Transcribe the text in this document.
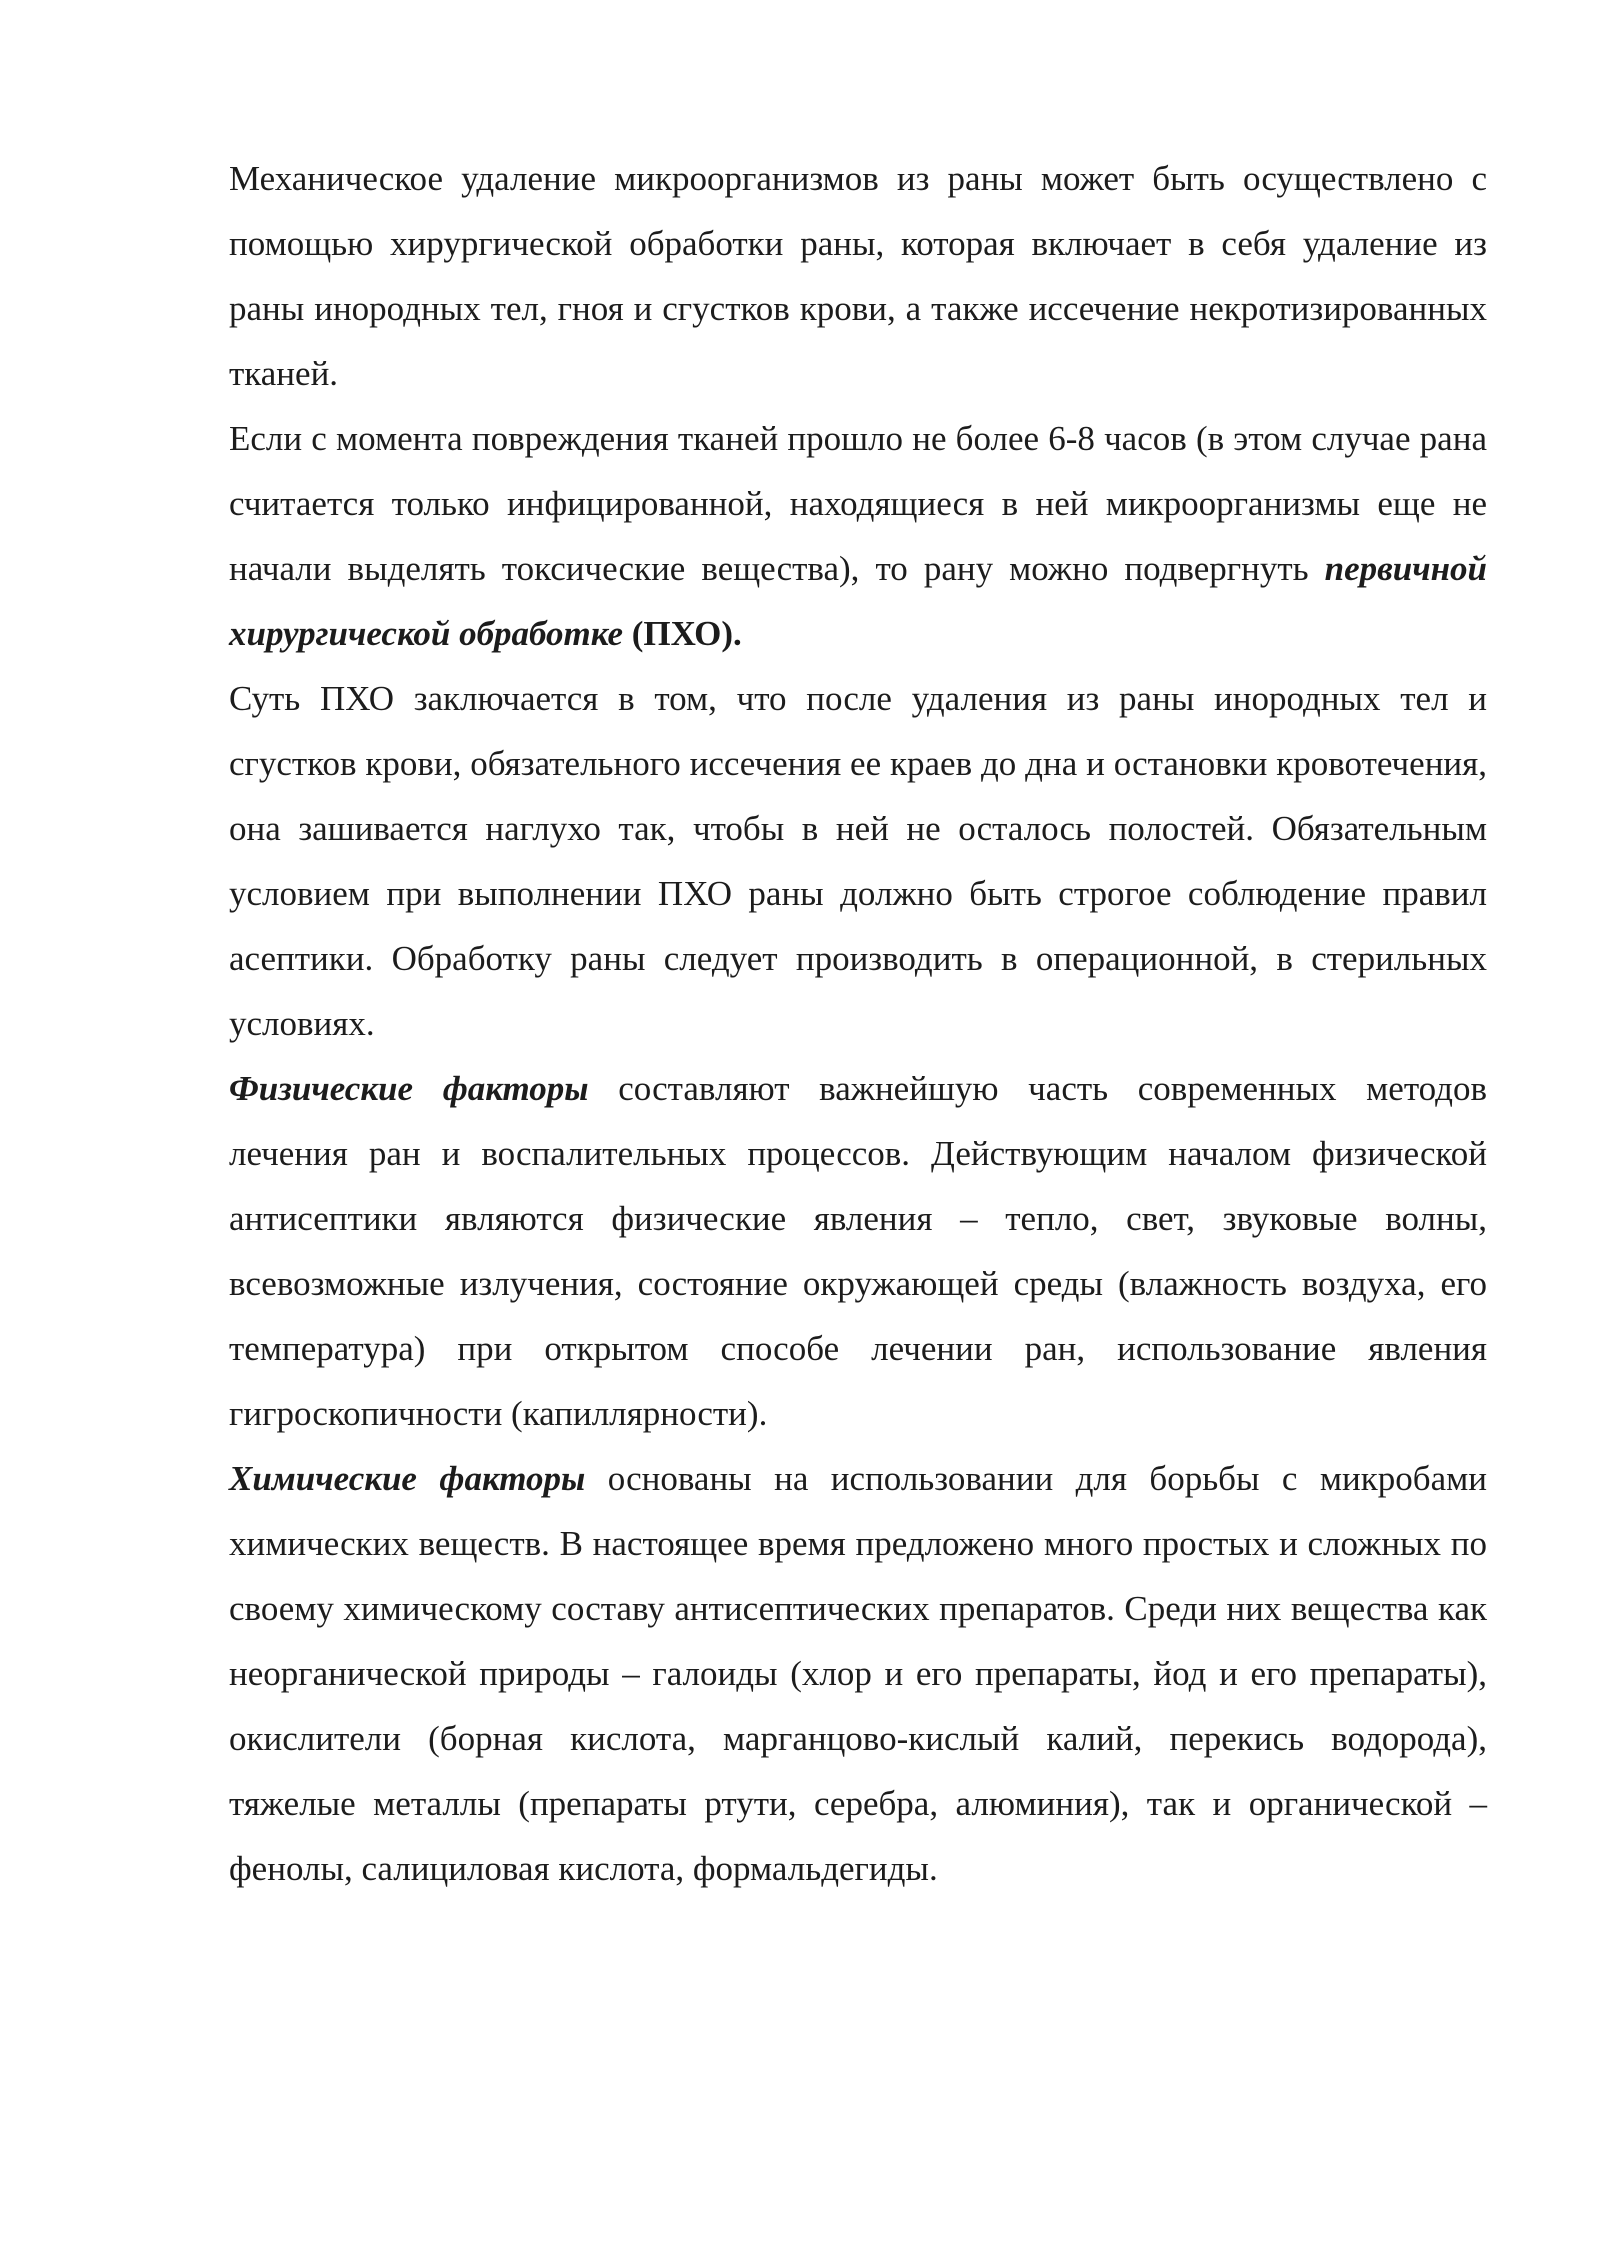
Механическое удаление микроорганизмов из раны может быть осуществлено с помощью хирургической обработки раны, которая включает в себя удаление из раны инородных тел, гноя и сгустков крови, а также иссечение некротизированных тканей.

Если с момента повреждения тканей прошло не более 6-8 часов (в этом случае рана считается только инфицированной, находящиеся в ней микроорганизмы еще не начали выделять токсические вещества), то рану можно подвергнуть первичной хирургической обработке (ПХО).

Суть ПХО заключается в том, что после удаления из раны инородных тел и сгустков крови, обязательного иссечения ее краев до дна и остановки кровотечения, она зашивается наглухо так, чтобы в ней не осталось полостей. Обязательным условием при выполнении ПХО раны должно быть строгое соблюдение правил асептики. Обработку раны следует производить в операционной, в стерильных условиях.

Физические факторы составляют важнейшую часть современных методов лечения ран и воспалительных процессов. Действующим началом физической антисептики являются физические явления – тепло, свет, звуковые волны, всевозможные излучения, состояние окружающей среды (влажность воздуха, его температура) при открытом способе лечении ран, использование явления гигроскопичности (капиллярности).

Химические факторы основаны на использовании для борьбы с микробами химических веществ. В настоящее время предложено много простых и сложных по своему химическому составу антисептических препаратов. Среди них вещества как неорганической природы – галоиды (хлор и его препараты, йод и его препараты), окислители (борная кислота, марганцово-кислый калий, перекись водорода), тяжелые металлы (препараты ртути, серебра, алюминия), так и органической – фенолы, салициловая кислота, формальдегиды.
